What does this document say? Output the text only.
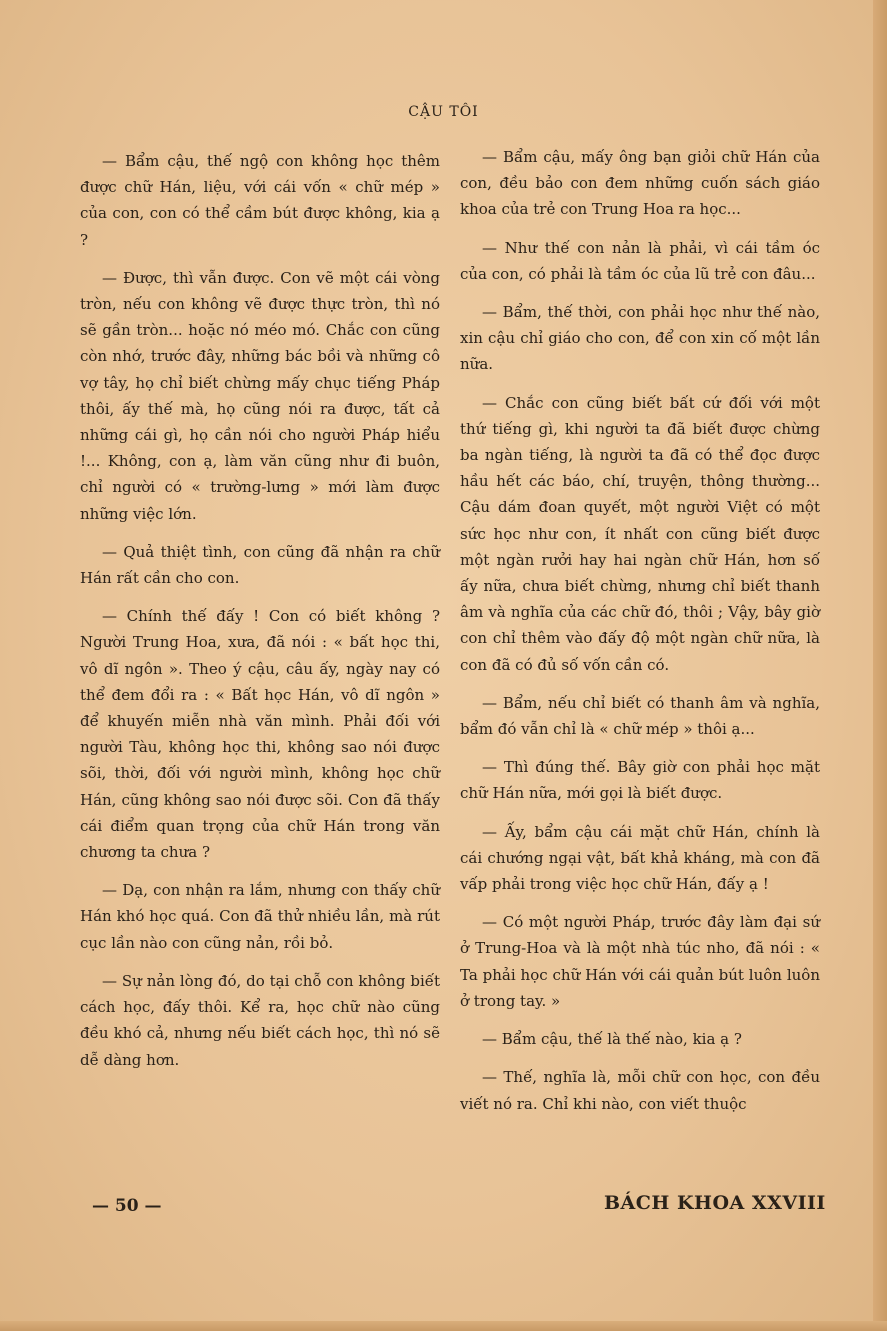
CẬU TÔI

— Bẩm cậu, thế ngộ con không học thêm được chữ Hán, liệu, với cái vốn « chữ mép » của con, con có thể cầm bút được không, kia ạ ?

— Được, thì vẫn được. Con vẽ một cái vòng tròn, nếu con không vẽ được thực tròn, thì nó sẽ gần tròn... hoặc nó méo mó. Chắc con cũng còn nhớ, trước đây, những bác bồi và những cô vợ tây, họ chỉ biết chừng mấy chục tiếng Pháp thôi, ấy thế mà, họ cũng nói ra được, tất cả những cái gì, họ cần nói cho người Pháp hiểu !... Không, con ạ, làm văn cũng như đi buôn, chỉ người có « trường-lưng » mới làm được những việc lớn.

— Quả thiệt tình, con cũng đã nhận ra chữ Hán rất cần cho con.

— Chính thế đấy ! Con có biết không ? Người Trung Hoa, xưa, đã nói : « bất học thi, vô dĩ ngôn ». Theo ý cậu, câu ấy, ngày nay có thể đem đổi ra : « Bất học Hán, vô dĩ ngôn » để khuyến miễn nhà văn mình. Phải đối với người Tàu, không học thi, không sao nói được sõi, thời, đối với người mình, không học chữ Hán, cũng không sao nói được sõi. Con đã thấy cái điểm quan trọng của chữ Hán trong văn chương ta chưa ?

— Dạ, con nhận ra lắm, nhưng con thấy chữ Hán khó học quá. Con đã thử nhiều lần, mà rút cục lần nào con cũng nản, rồi bỏ.

— Sự nản lòng đó, do tại chỗ con không biết cách học, đấy thôi. Kể ra, học chữ nào cũng đều khó cả, nhưng nếu biết cách học, thì nó sẽ dễ dàng hơn.

— Bẩm cậu, mấy ông bạn giỏi chữ Hán của con, đều bảo con đem những cuốn sách giáo khoa của trẻ con Trung Hoa ra học...

— Như thế con nản là phải, vì cái tầm óc của con, có phải là tầm óc của lũ trẻ con đâu...

— Bẩm, thế thời, con phải học như thế nào, xin cậu chỉ giáo cho con, để con xin cố một lần nữa.

— Chắc con cũng biết bất cứ đối với một thứ tiếng gì, khi người ta đã biết được chừng ba ngàn tiếng, là người ta đã có thể đọc được hầu hết các báo, chí, truyện, thông thường... Cậu dám đoan quyết, một người Việt có một sức học như con, ít nhất con cũng biết được một ngàn rưởi hay hai ngàn chữ Hán, hơn số ấy nữa, chưa biết chừng, nhưng chỉ biết thanh âm và nghĩa của các chữ đó, thôi ; Vậy, bây giờ con chỉ thêm vào đấy độ một ngàn chữ nữa, là con đã có đủ số vốn cần có.

— Bẩm, nếu chỉ biết có thanh âm và nghĩa, bẩm đó vẫn chỉ là « chữ mép » thôi ạ...

— Thì đúng thế. Bây giờ con phải học mặt chữ Hán nữa, mới gọi là biết được.

— Ấy, bẩm cậu cái mặt chữ Hán, chính là cái chướng ngại vật, bất khả kháng, mà con đã vấp phải trong việc học chữ Hán, đấy ạ !

— Có một người Pháp, trước đây làm đại sứ ở Trung-Hoa và là một nhà túc nho, đã nói : « Ta phải học chữ Hán với cái quản bút luôn luôn ở trong tay. »

— Bẩm cậu, thế là thế nào, kia ạ ?

— Thế, nghĩa là, mỗi chữ con học, con đều viết nó ra. Chỉ khi nào, con viết thuộc

— 50 —	BÁCH KHOA XXVIII
